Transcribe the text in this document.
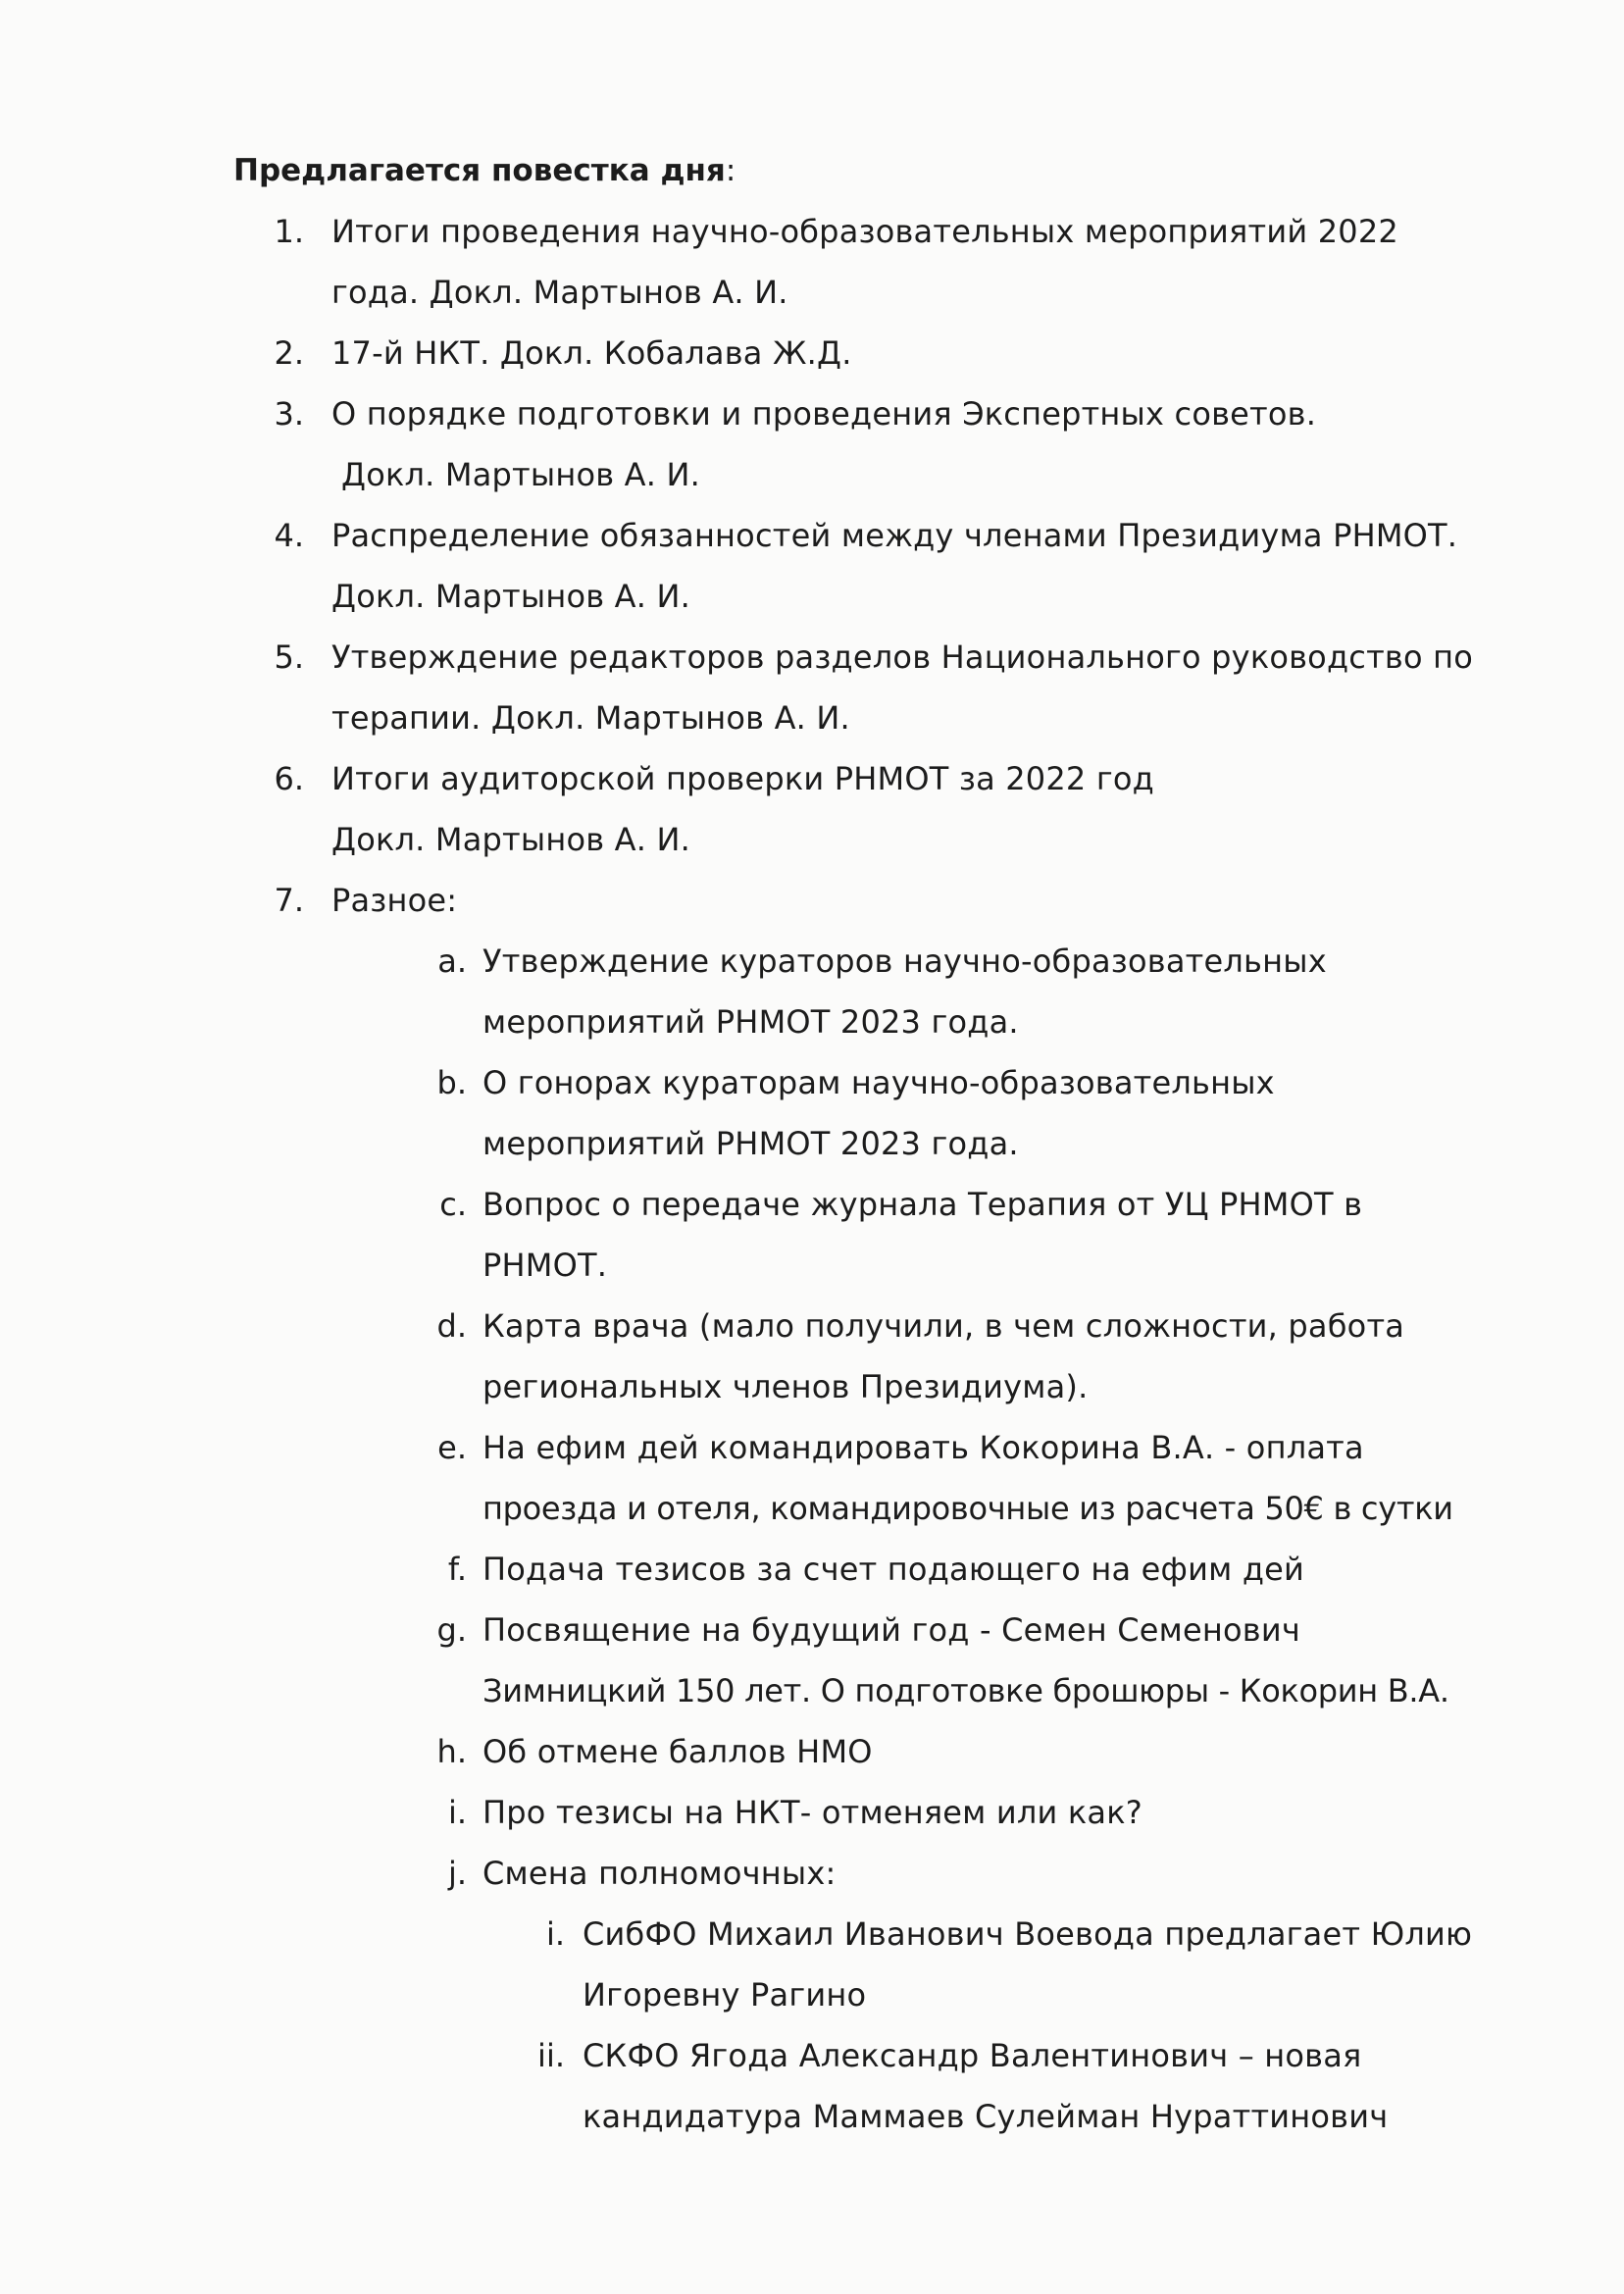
Предлагается повестка дня:
1. Итоги проведения научно-образовательных мероприятий 2022
года. Докл. Мартынов А. И.
2. 17-й НКТ. Докл. Кобалава Ж.Д.
3. О порядке подготовки и проведения Экспертных советов.
Докл. Мартынов А. И.
4. Распределение обязанностей между членами Президиума РНМОТ.
Докл. Мартынов А. И.
5. Утверждение редакторов разделов Национального руководство по
терапии. Докл. Мартынов А. И.
6. Итоги аудиторской проверки РНМОТ за 2022 год
Докл. Мартынов А. И.
7. Разное:
a. Утверждение кураторов научно-образовательных
мероприятий РНМОТ 2023 года.
b. О гонорах кураторам научно-образовательных
мероприятий РНМОТ 2023 года.
c. Вопрос о передаче журнала Терапия от УЦ РНМОТ в
РНМОТ.
d. Карта врача (мало получили, в чем сложности, работа
региональных членов Президиума).
e. На ефим дей командировать Кокорина В.А. - оплата
проезда и отеля, командировочные из расчета 50€ в сутки
f. Подача тезисов за счет подающего на ефим дей
g. Посвящение на будущий год - Семен Семенович
Зимницкий 150 лет. О подготовке брошюры - Кокорин В.А.
h. Об отмене баллов НМО
i. Про тезисы на НКТ- отменяем или как?
j. Смена полномочных:
i. СибФО Михаил Иванович Воевода предлагает Юлию
Игоревну Рагино
ii. СКФО Ягода Александр Валентинович – новая
кандидатура Маммаев Сулейман Нураттинович
